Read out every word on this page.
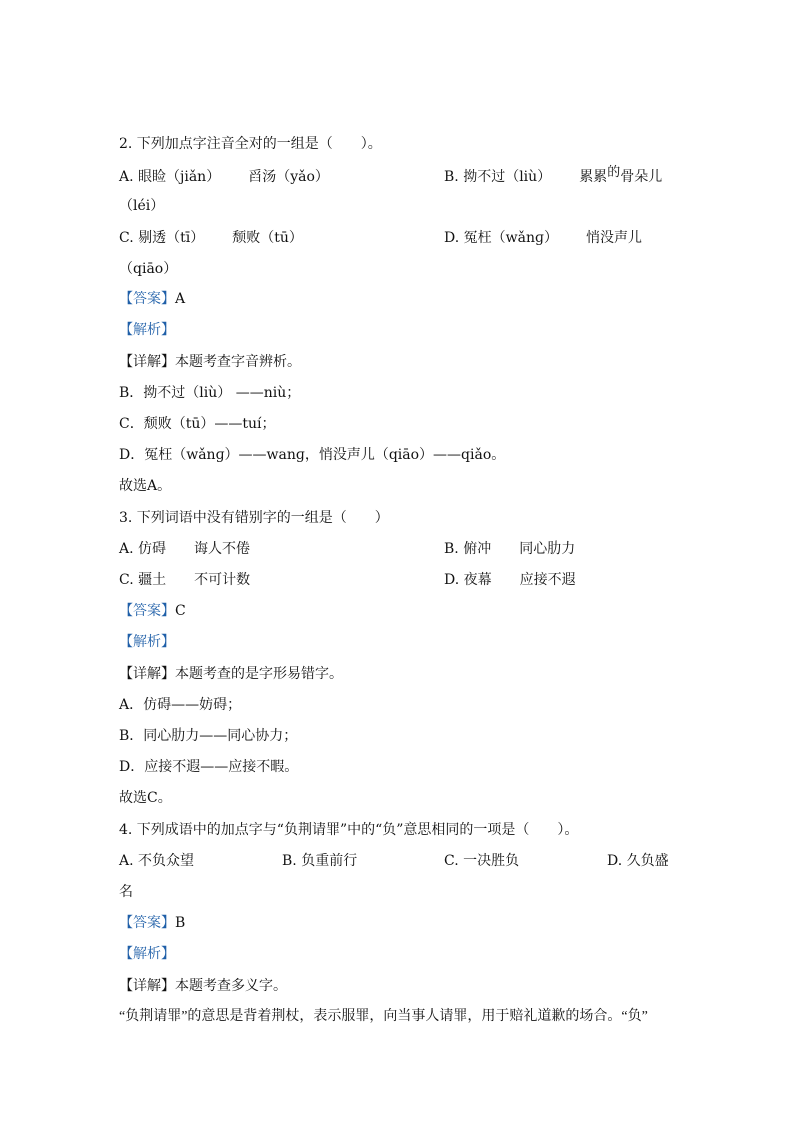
2. 下列加点字注音全对的一组是（　　）。
A. 眼睑（jiǎn） 舀汤（yǎo）	B. 拗不过（liù） 累累的骨朵儿
（léi）
C. 剔透（tī） 颓败（tū）	D. 冤枉（wǎnɡ） 悄没声儿
（qiāo）
【答案】A
【解析】
【详解】本题考查字音辨析。
B．拗不过（liù） ——niù；
C．颓败（tū）——tuí；
D．冤枉（wǎnɡ）——wanɡ，悄没声儿（qiāo）——qiǎo。
故选A。
3. 下列词语中没有错别字的一组是（　　）
A. 仿碍 诲人不倦	B. 俯冲 同心肋力
C. 疆土 不可计数	D. 夜幕 应接不遐
【答案】C
【解析】
【详解】本题考查的是字形易错字。
A．仿碍——妨碍；
B．同心肋力——同心协力；
D．应接不遐——应接不暇。
故选C。
4. 下列成语中的加点字与“负荆请罪”中的“负”意思相同的一项是（　　）。
A. 不负众望	B. 负重前行	C. 一决胜负	D. 久负盛
名
【答案】B
【解析】
【详解】本题考查多义字。
“负荆请罪”的意思是背着荆杖，表示服罪，向当事人请罪，用于赔礼道歉的场合。“负”
